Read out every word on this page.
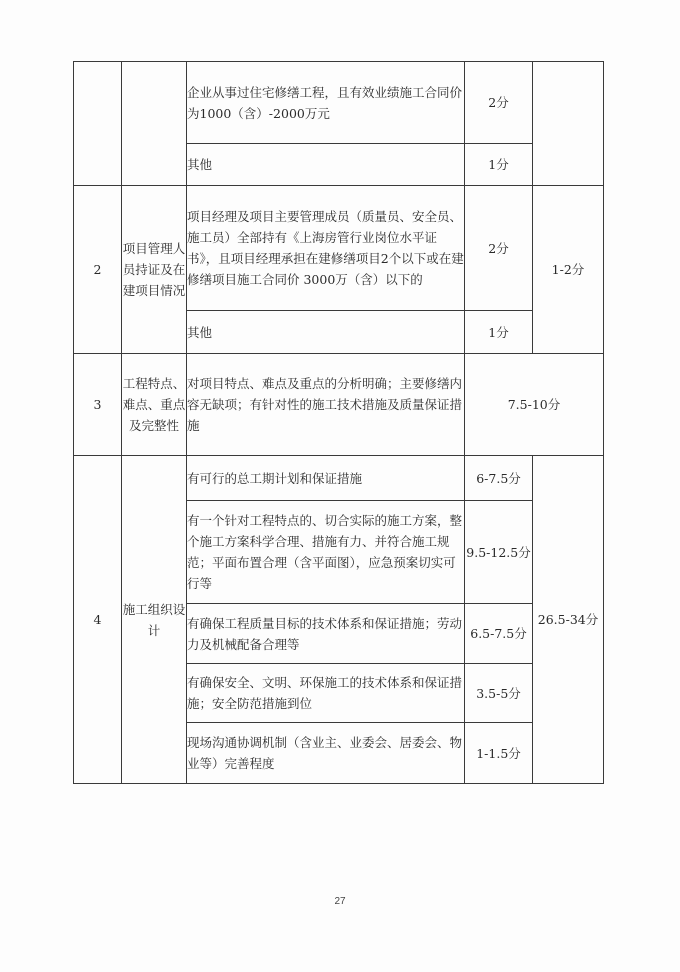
		企业从事过住宅修缮工程，且有效业绩施工合同价为1000（含）-2000万元	2分	
		其他	1分	
2	项目管理人员持证及在建项目情况	项目经理及项目主要管理成员（质量员、安全员、施工员）全部持有《上海房管行业岗位水平证书》，且项目经理承担在建修缮项目2个以下或在建修缮项目施工合同价 3000万（含）以下的	2分	1-2分
		其他	1分	
3	工程特点、难点、重点及完整性	对项目特点、难点及重点的分析明确；主要修缮内容无缺项；有针对性的施工技术措施及质量保证措施	7.5-10分	
4	施工组织设计	有可行的总工期计划和保证措施	6-7.5分	26.5-34分
		有一个针对工程特点的、切合实际的施工方案，整个施工方案科学合理、措施有力、并符合施工规范；平面布置合理（含平面图），应急预案切实可行等	9.5-12.5分	
		有确保工程质量目标的技术体系和保证措施；劳动力及机械配备合理等	6.5-7.5分	
		有确保安全、文明、环保施工的技术体系和保证措施；安全防范措施到位	3.5-5分	
		现场沟通协调机制（含业主、业委会、居委会、物业等）完善程度	1-1.5分	
27
